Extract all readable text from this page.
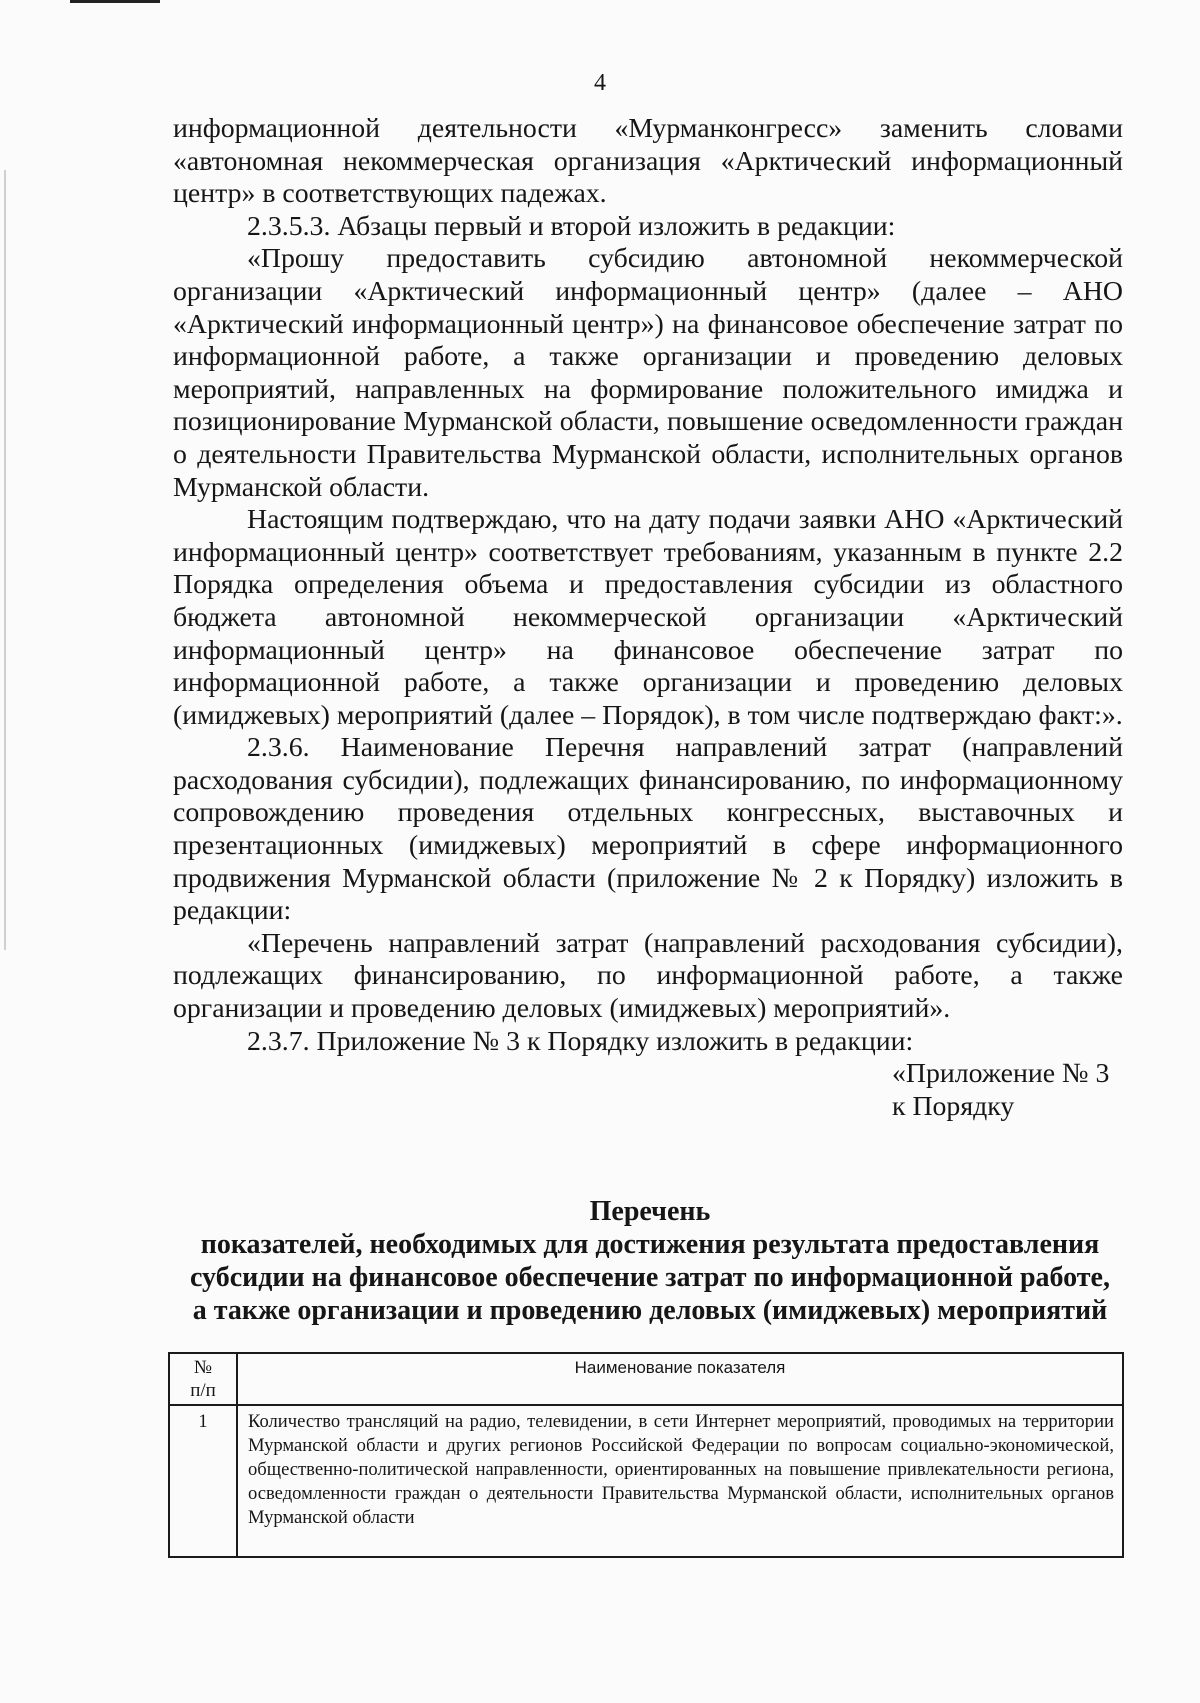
4

информационной деятельности «Мурманконгресс» заменить словами «автономная некоммерческая организация «Арктический информационный центр» в соответствующих падежах.

2.3.5.3. Абзацы первый и второй изложить в редакции:

«Прошу предоставить субсидию автономной некоммерческой организации «Арктический информационный центр» (далее – АНО «Арктический информационный центр») на финансовое обеспечение затрат по информационной работе, а также организации и проведению деловых мероприятий, направленных на формирование положительного имиджа и позиционирование Мурманской области, повышение осведомленности граждан о деятельности Правительства Мурманской области, исполнительных органов Мурманской области.

Настоящим подтверждаю, что на дату подачи заявки АНО «Арктический информационный центр» соответствует требованиям, указанным в пункте 2.2 Порядка определения объема и предоставления субсидии из областного бюджета автономной некоммерческой организации «Арктический информационный центр» на финансовое обеспечение затрат по информационной работе, а также организации и проведению деловых (имиджевых) мероприятий (далее – Порядок), в том числе подтверждаю факт:».

2.3.6. Наименование Перечня направлений затрат (направлений расходования субсидии), подлежащих финансированию, по информационному сопровождению проведения отдельных конгрессных, выставочных и презентационных (имиджевых) мероприятий в сфере информационного продвижения Мурманской области (приложение № 2 к Порядку) изложить в редакции:

«Перечень направлений затрат (направлений расходования субсидии), подлежащих финансированию, по информационной работе, а также организации и проведению деловых (имиджевых) мероприятий».

2.3.7. Приложение № 3 к Порядку изложить в редакции:

«Приложение № 3

к Порядку

Перечень

показателей, необходимых для достижения результата предоставления

субсидии на финансовое обеспечение затрат по информационной работе,

а также организации и проведению деловых (имиджевых) мероприятий

№
п/п	Наименование показателя
1	Количество трансляций на радио, телевидении, в сети Интернет мероприятий, проводимых на территории Мурманской области и других регионов Российской Федерации по вопросам социально-экономической, общественно-политической направленности, ориентированных на повышение привлекательности региона, осведомленности граждан о деятельности Правительства Мурманской области, исполнительных органов Мурманской области
